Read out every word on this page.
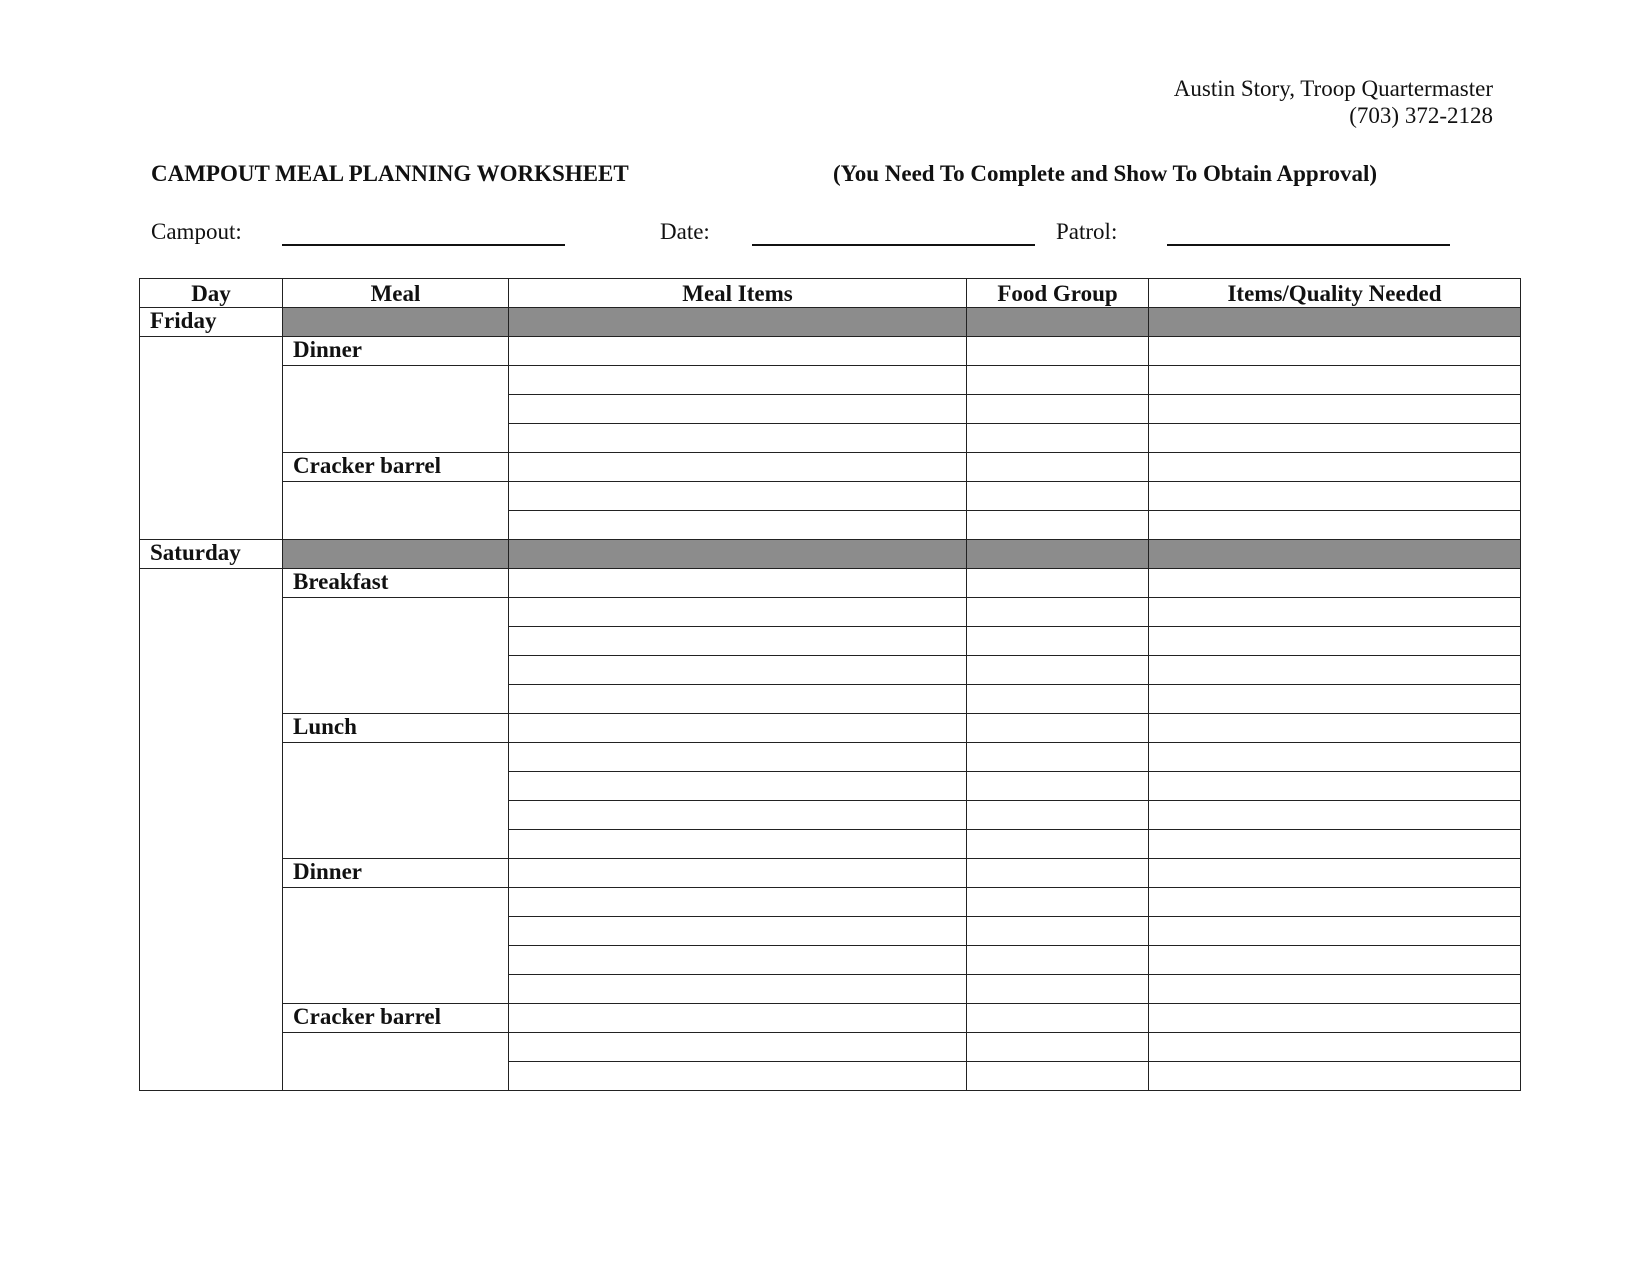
Austin Story, Troop Quartermaster
(703) 372-2128
CAMPOUT MEAL PLANNING WORKSHEET	(You Need To Complete and Show To Obtain Approval)
Campout:	Date:	Patrol:
Day	Meal	Meal Items	Food Group	Items/Quality Needed
Friday				
	Dinner			

	Cracker barrel			

Saturday				
	Breakfast			

	Lunch			

	Dinner			

	Cracker barrel			
